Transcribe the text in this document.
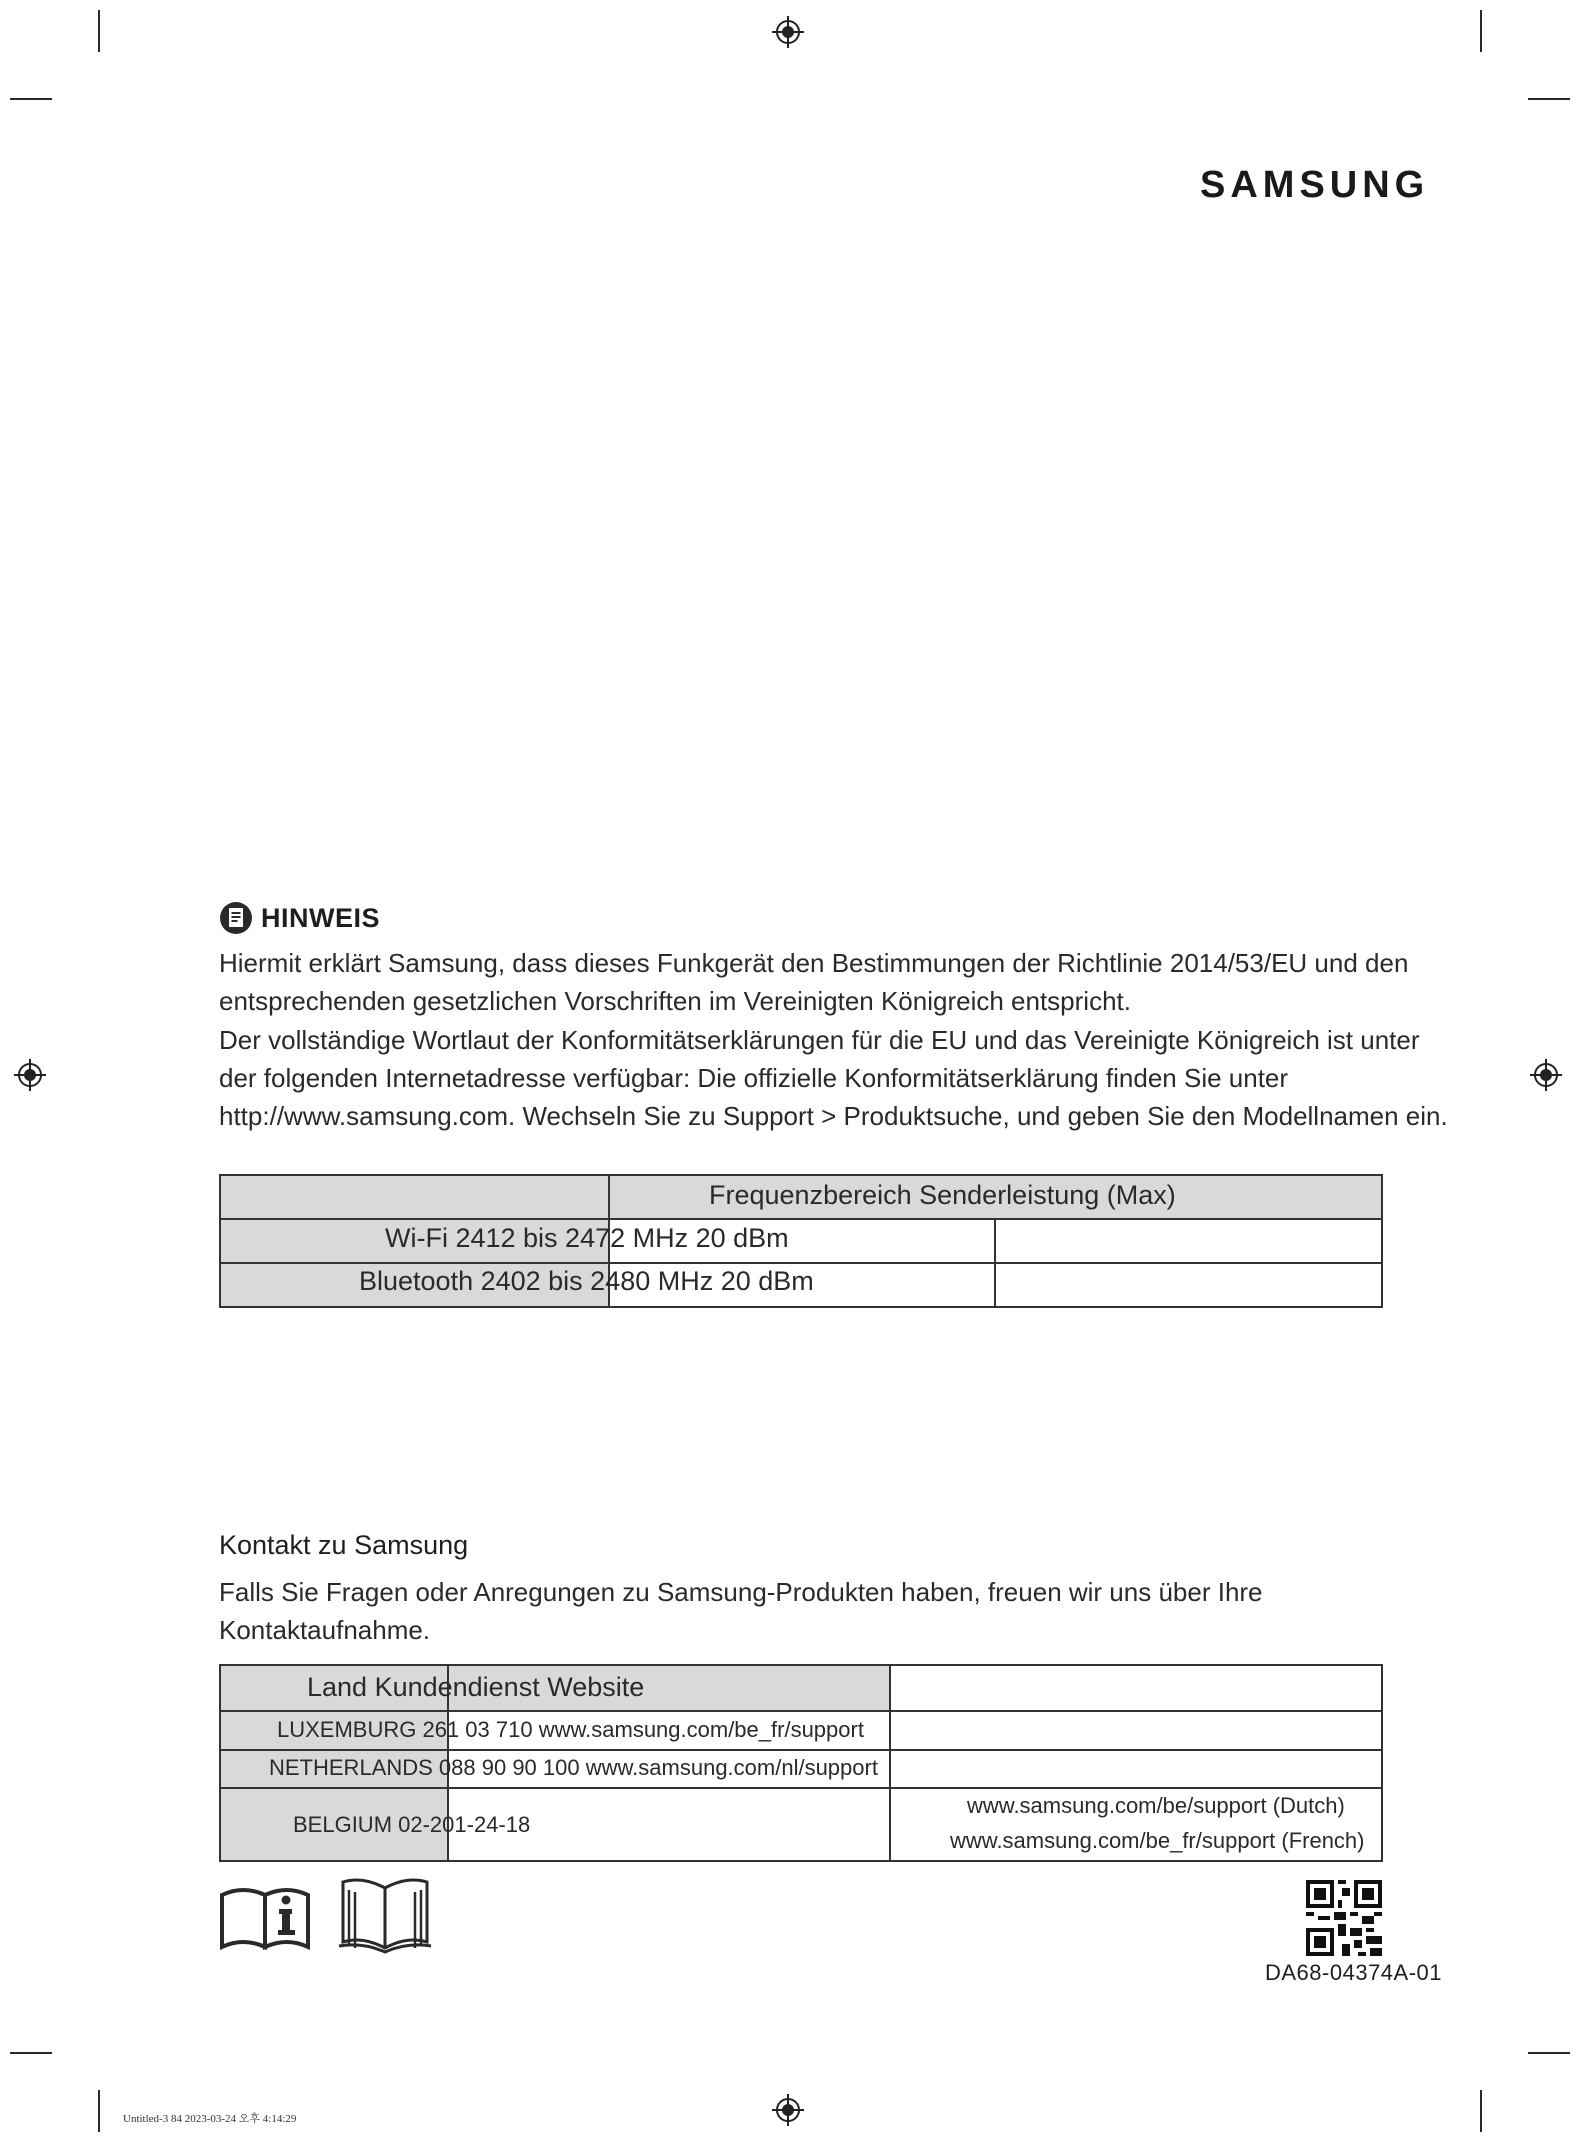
SAMSUNG
HINWEIS
Hiermit erklärt Samsung, dass dieses Funkgerät den Bestimmungen der Richtlinie 2014/53/EU und den
entsprechenden gesetzlichen Vorschriften im Vereinigten Königreich entspricht.
Der vollständige Wortlaut der Konformitätserklärungen für die EU und das Vereinigte Königreich ist unter
der folgenden Internetadresse verfügbar: Die offizielle Konformitätserklärung finden Sie unter
http://www.samsung.com. Wechseln Sie zu Support > Produktsuche, und geben Sie den Modellnamen ein.
Frequenzbereich Senderleistung (Max)
Wi-Fi 2412 bis 2472 MHz 20 dBm
Bluetooth 2402 bis 2480 MHz 20 dBm
Kontakt zu Samsung
Falls Sie Fragen oder Anregungen zu Samsung-Produkten haben, freuen wir uns über Ihre
Kontaktaufnahme.
Land Kundendienst Website
LUXEMBURG 261 03 710 www.samsung.com/be_fr/support
NETHERLANDS 088 90 90 100 www.samsung.com/nl/support
BELGIUM 02-201-24-18
www.samsung.com/be/support (Dutch)
www.samsung.com/be_fr/support (French)
DA68-04374A-01
Untitled-3 84 2023-03-24 오후 4:14:29
